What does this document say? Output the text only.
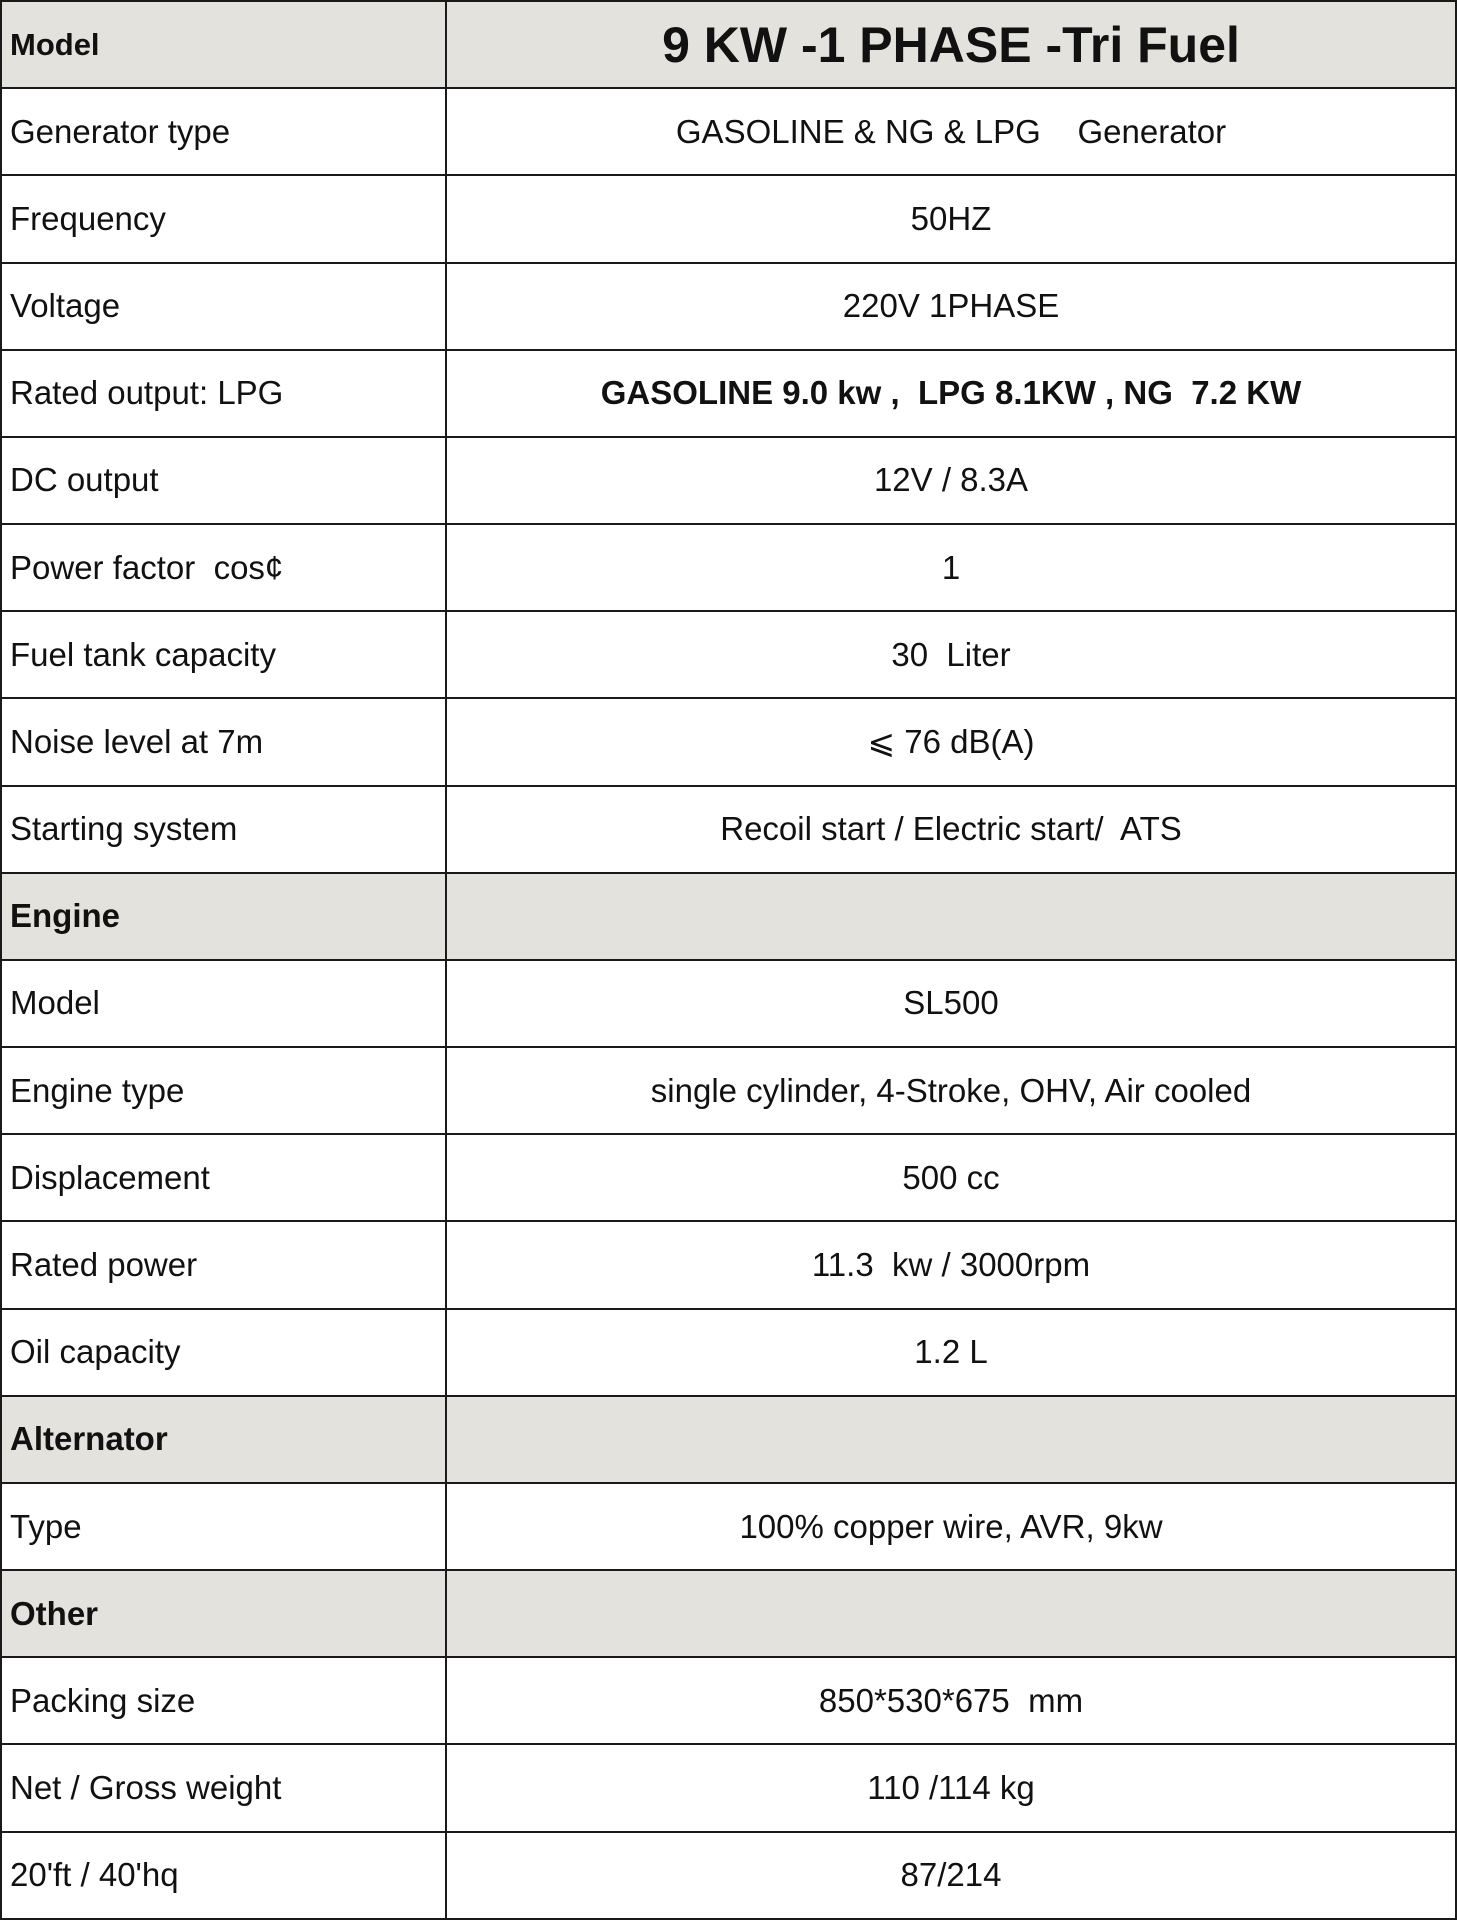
Model	9 KW -1 PHASE -Tri Fuel
Generator type	GASOLINE & NG & LPG    Generator
Frequency	50HZ
Voltage	220V 1PHASE
Rated output: LPG	GASOLINE 9.0 kw ,  LPG 8.1KW , NG  7.2 KW
DC output	12V / 8.3A
Power factor  cos¢	1
Fuel tank capacity	30  Liter
Noise level at 7m	⩽ 76 dB(A)
Starting system	Recoil start / Electric start/  ATS
Engine	
Model	SL500
Engine type	single cylinder, 4-Stroke, OHV, Air cooled
Displacement	500 cc
Rated power	11.3  kw / 3000rpm
Oil capacity	1.2 L
Alternator	
Type	100% copper wire, AVR, 9kw
Other	
Packing size	850*530*675  mm
Net / Gross weight	110 /114 kg
20'ft / 40'hq	87/214
